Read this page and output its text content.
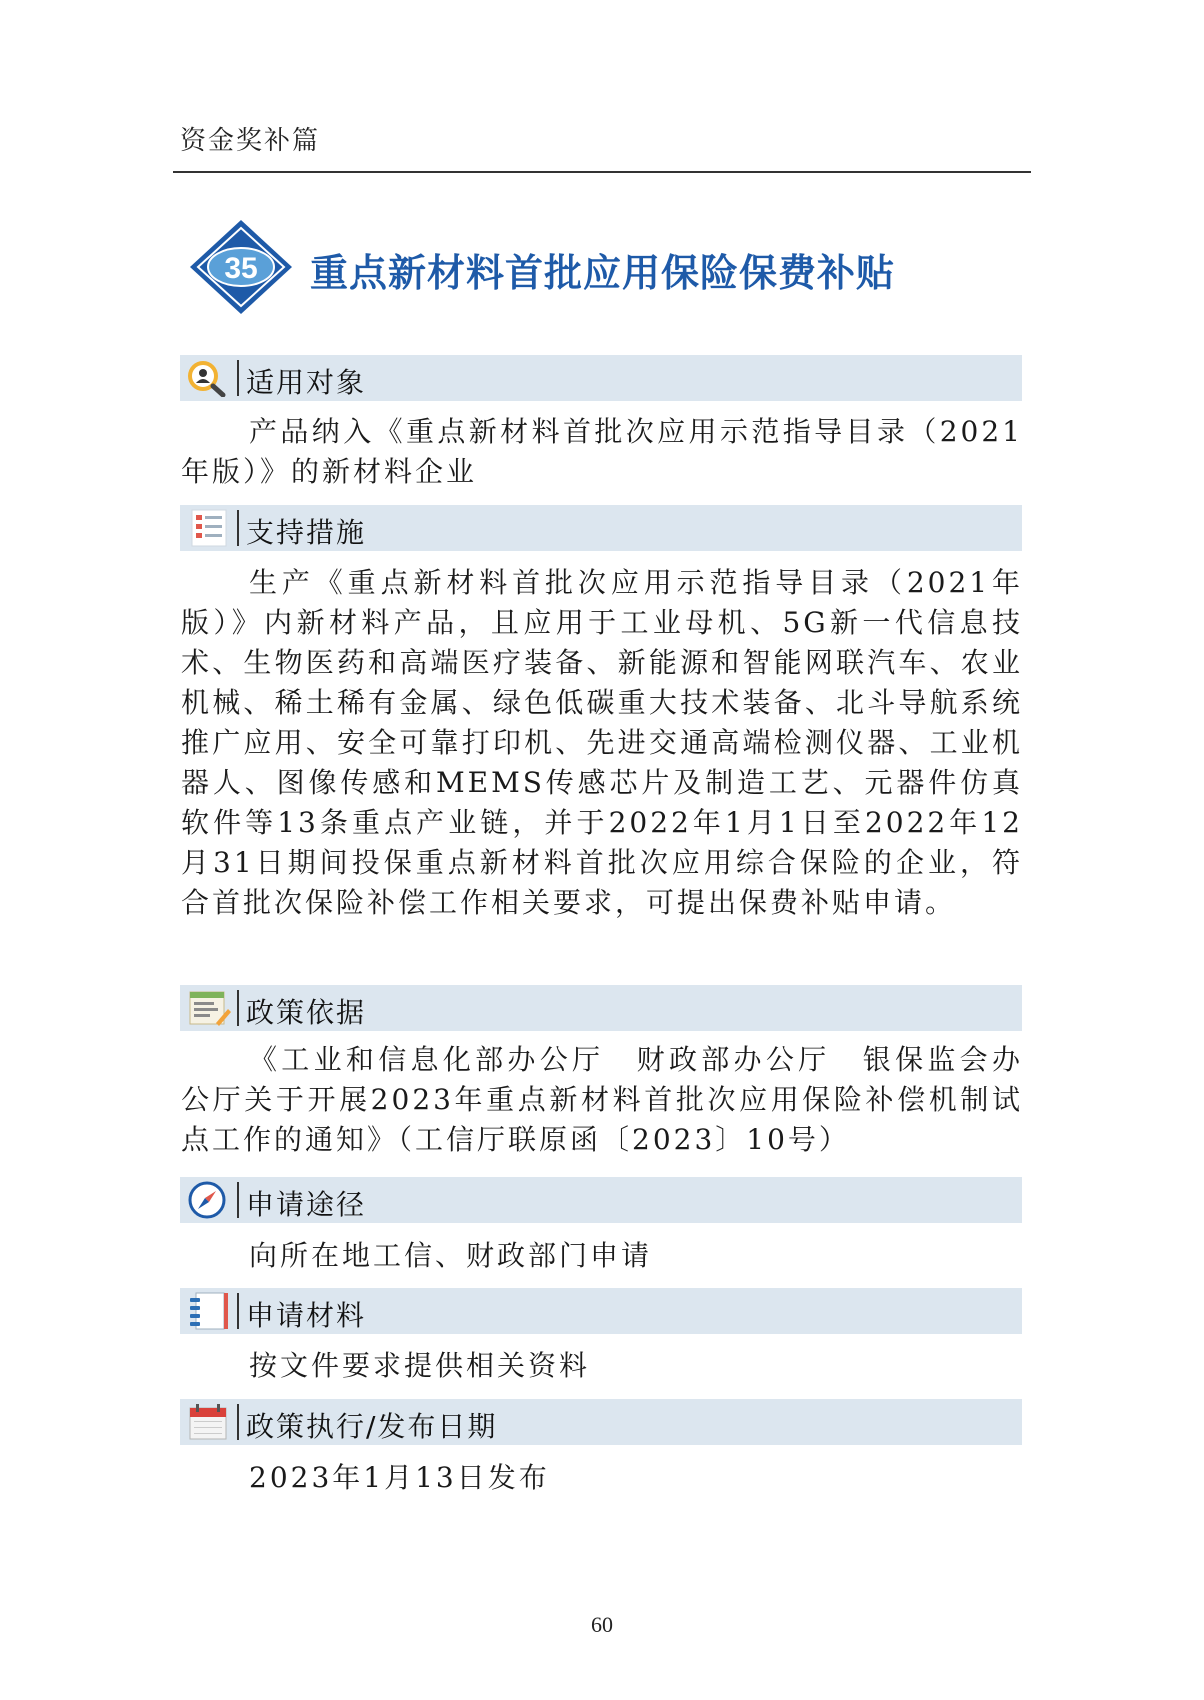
资金奖补篇
35 重点新材料首批应用保险保费补贴
适用对象
产品纳入《重点新材料首批次应用示范指导目录（2021年版）》的新材料企业
支持措施
生产《重点新材料首批次应用示范指导目录（2021年版）》内新材料产品，且应用于工业母机、5G新一代信息技术、生物医药和高端医疗装备、新能源和智能网联汽车、农业机械、稀土稀有金属、绿色低碳重大技术装备、北斗导航系统推广应用、安全可靠打印机、先进交通高端检测仪器、工业机器人、图像传感和MEMS传感芯片及制造工艺、元器件仿真软件等13条重点产业链，并于2022年1月1日至2022年12月31日期间投保重点新材料首批次应用综合保险的企业，符合首批次保险补偿工作相关要求，可提出保费补贴申请。
政策依据
《工业和信息化部办公厅　财政部办公厅　银保监会办公厅关于开展2023年重点新材料首批次应用保险补偿机制试点工作的通知》（工信厅联原函〔2023〕10号）
申请途径
向所在地工信、财政部门申请
申请材料
按文件要求提供相关资料
政策执行/发布日期
2023年1月13日发布
60
